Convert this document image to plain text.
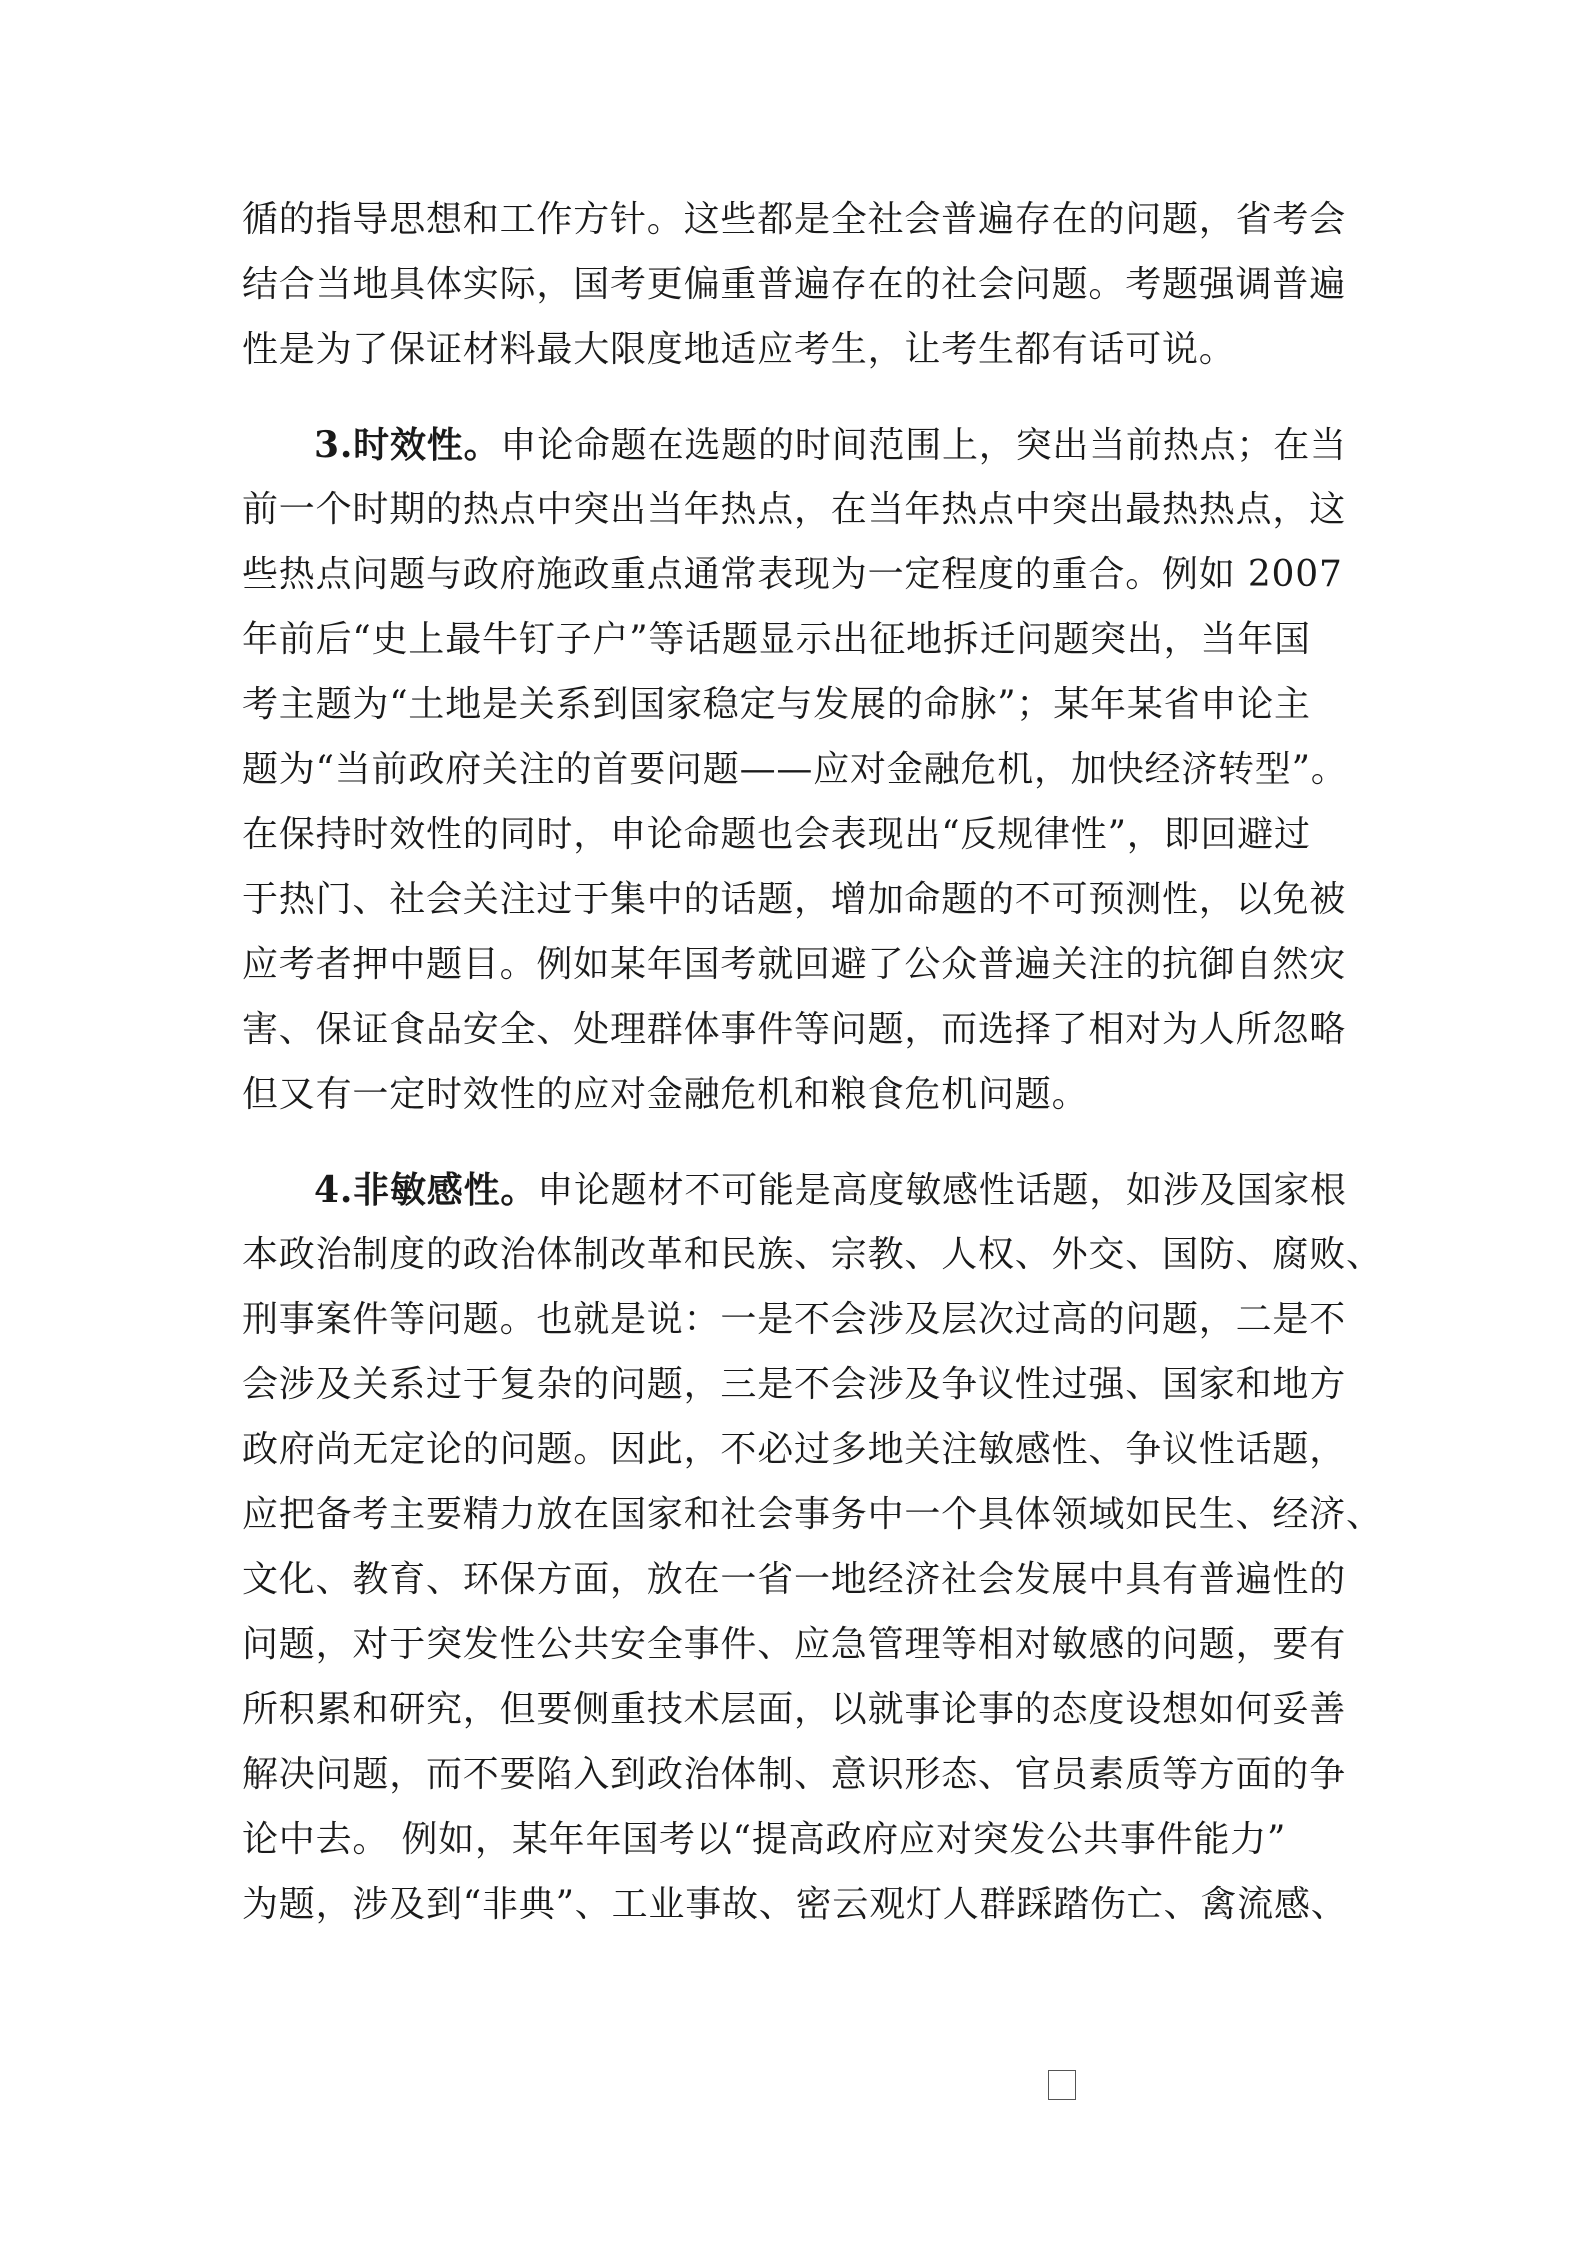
循的指导思想和工作方针。这些都是全社会普遍存在的问题，省考会
结合当地具体实际，国考更偏重普遍存在的社会问题。考题强调普遍
性是为了保证材料最大限度地适应考生，让考生都有话可说。
3.时效性。申论命题在选题的时间范围上，突出当前热点；在当
前一个时期的热点中突出当年热点，在当年热点中突出最热热点，这
些热点问题与政府施政重点通常表现为一定程度的重合。例如 2007
年前后“史上最牛钉子户”等话题显示出征地拆迁问题突出，当年国
考主题为“土地是关系到国家稳定与发展的命脉”；某年某省申论主
题为“当前政府关注的首要问题——应对金融危机，加快经济转型”。
在保持时效性的同时，申论命题也会表现出“反规律性”，即回避过
于热门、社会关注过于集中的话题，增加命题的不可预测性，以免被
应考者押中题目。例如某年国考就回避了公众普遍关注的抗御自然灾
害、保证食品安全、处理群体事件等问题，而选择了相对为人所忽略
但又有一定时效性的应对金融危机和粮食危机问题。
4.非敏感性。申论题材不可能是高度敏感性话题，如涉及国家根
本政治制度的政治体制改革和民族、宗教、人权、外交、国防、腐败、
刑事案件等问题。也就是说：一是不会涉及层次过高的问题，二是不
会涉及关系过于复杂的问题，三是不会涉及争议性过强、国家和地方
政府尚无定论的问题。因此，不必过多地关注敏感性、争议性话题，
应把备考主要精力放在国家和社会事务中一个具体领域如民生、经济、
文化、教育、环保方面，放在一省一地经济社会发展中具有普遍性的
问题，对于突发性公共安全事件、应急管理等相对敏感的问题，要有
所积累和研究，但要侧重技术层面，以就事论事的态度设想如何妥善
解决问题，而不要陷入到政治体制、意识形态、官员素质等方面的争
论中去。 例如，某年年国考以“提高政府应对突发公共事件能力”
为题，涉及到“非典”、工业事故、密云观灯人群踩踏伤亡、禽流感、
